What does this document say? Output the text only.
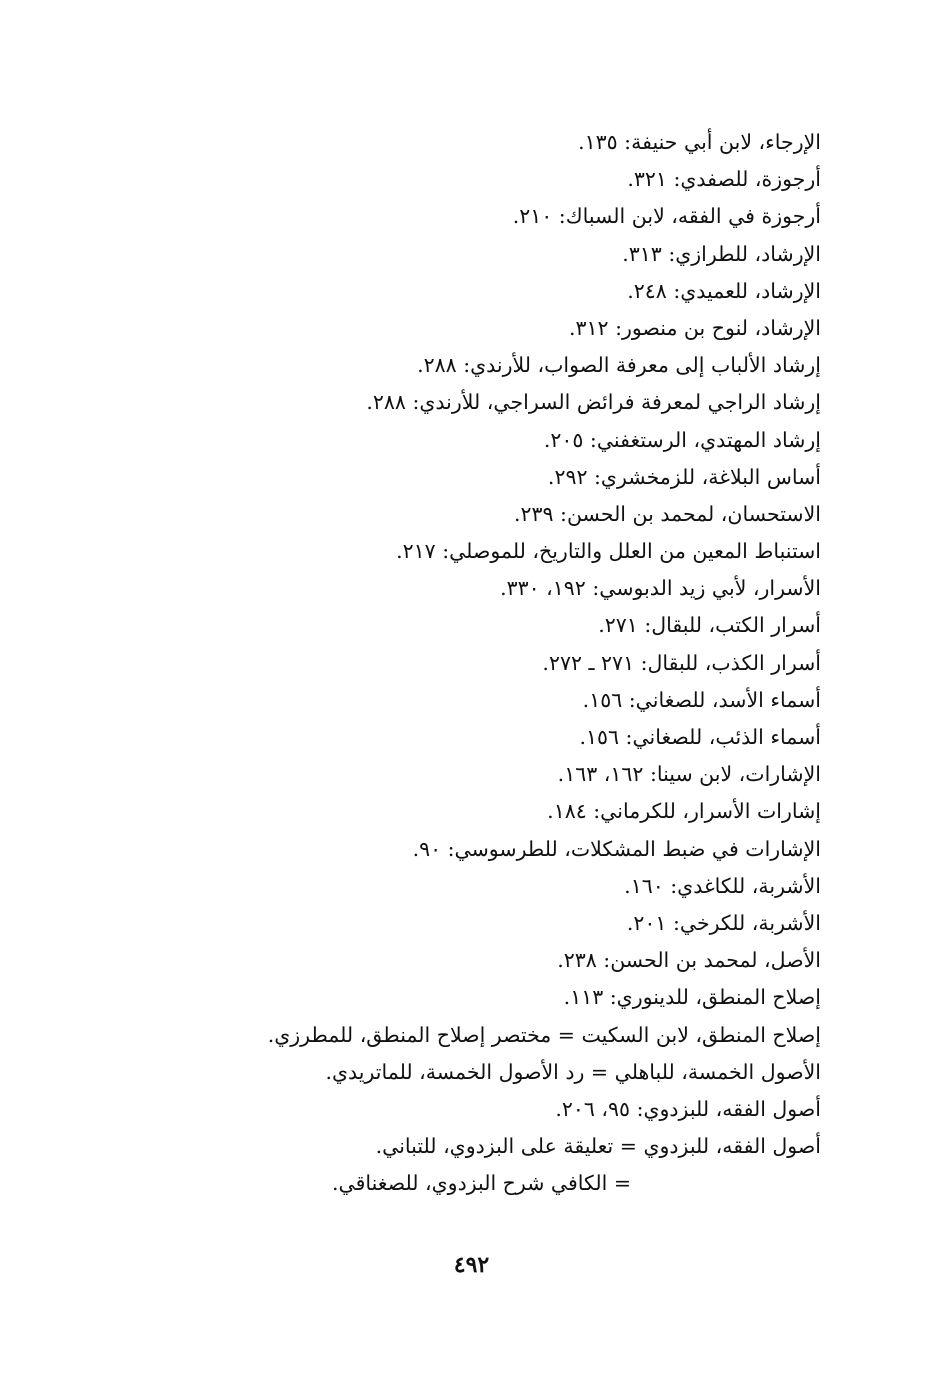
الإرجاء، لابن أبي حنيفة: ١٣٥.
أرجوزة، للصفدي: ٣٢١.
أرجوزة في الفقه، لابن السباك: ٢١٠.
الإرشاد، للطرازي: ٣١٣.
الإرشاد، للعميدي: ٢٤٨.
الإرشاد، لنوح بن منصور: ٣١٢.
إرشاد الألباب إلى معرفة الصواب، للأرندي: ٢٨٨.
إرشاد الراجي لمعرفة فرائض السراجي، للأرندي: ٢٨٨.
إرشاد المهتدي، الرستغفني: ٢٠٥.
أساس البلاغة، للزمخشري: ٢٩٢.
الاستحسان، لمحمد بن الحسن: ٢٣٩.
استنباط المعين من العلل والتاريخ، للموصلي: ٢١٧.
الأسرار، لأبي زيد الدبوسي: ١٩٢، ٣٣٠.
أسرار الكتب، للبقال: ٢٧١.
أسرار الكذب، للبقال: ٢٧١ ـ ٢٧٢.
أسماء الأسد، للصغاني: ١٥٦.
أسماء الذئب، للصغاني: ١٥٦.
الإشارات، لابن سينا: ١٦٢، ١٦٣.
إشارات الأسرار، للكرماني: ١٨٤.
الإشارات في ضبط المشكلات، للطرسوسي: ٩٠.
الأشربة، للكاغدي: ١٦٠.
الأشربة، للكرخي: ٢٠١.
الأصل، لمحمد بن الحسن: ٢٣٨.
إصلاح المنطق، للدينوري: ١١٣.
إصلاح المنطق، لابن السكيت = مختصر إصلاح المنطق، للمطرزي.
الأصول الخمسة، للباهلي = رد الأصول الخمسة، للماتريدي.
أصول الفقه، للبزدوي: ٩٥، ٢٠٦.
أصول الفقه، للبزدوي = تعليقة على البزدوي، للتباني.
= الكافي شرح البزدوي، للصغناقي.
٤٩٢
